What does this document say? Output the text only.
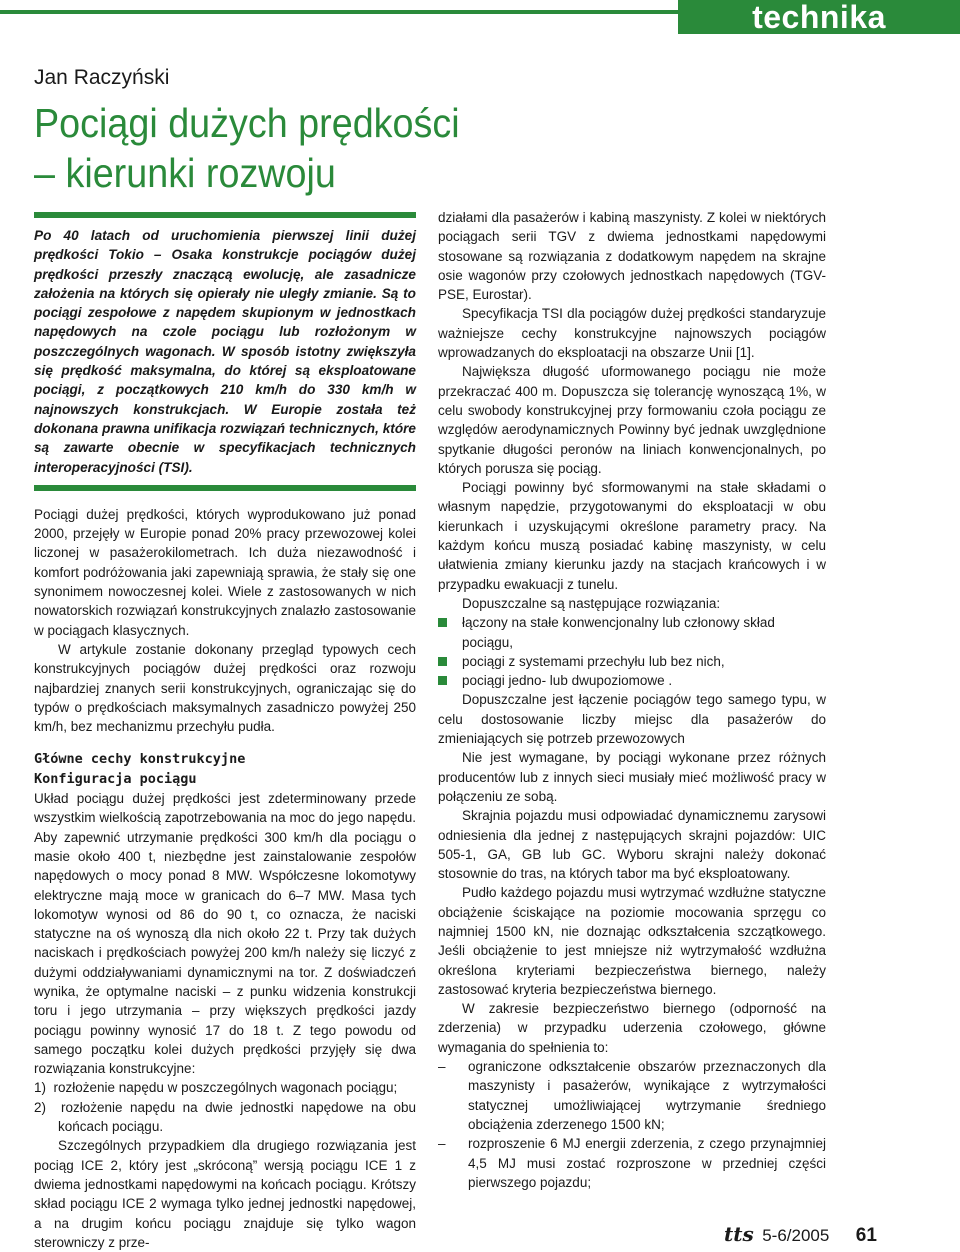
technika
Jan Raczyński
Pociągi dużych prędkości
– kierunki rozwoju

Po 40 latach od uruchomienia pierwszej linii dużej prędkości Tokio – Osaka konstrukcje pociągów dużej prędkości przeszły znaczącą ewolucję, ale zasadnicze założenia na których się opierały nie uległy zmianie. Są to pociągi zespołowe z napędem skupionym w jednostkach napędowych na czole pociągu lub rozłożonym w poszczególnych wagonach. W sposób istotny zwiększyła się prędkość maksymalna, do której są eksploatowane pociągi, z początkowych 210 km/h do 330 km/h w najnowszych konstrukcjach. W Europie została też dokonana prawna unifikacja rozwiązań technicznych, które są zawarte obecnie w specyfikacjach technicznych interoperacyjności (TSI).

Pociągi dużej prędkości, których wyprodukowano już ponad 2000, przejęły w Europie ponad 20% pracy przewozowej kolei liczonej w pasażerokilometrach. Ich duża niezawodność i komfort podróżowania jaki zapewniają sprawia, że stały się one synonimem nowoczesnej kolei. Wiele z zastosowanych w nich nowatorskich rozwiązań konstrukcyjnych znalazło zastosowanie w pociągach klasycznych.

W artykule zostanie dokonany przegląd typowych cech konstrukcyjnych pociągów dużej prędkości oraz rozwoju najbardziej znanych serii konstrukcyjnych, ograniczając się do typów o prędkościach maksymalnych zasadniczo powyżej 250 km/h, bez mechanizmu przechyłu pudła.

Główne cechy konstrukcyjne

Konfiguracja pociągu

Układ pociągu dużej prędkości jest zdeterminowany przede wszystkim wielkością zapotrzebowania na moc do jego napędu. Aby zapewnić utrzymanie prędkości 300 km/h dla pociągu o masie około 400 t, niezbędne jest zainstalowanie zespołów napędowych o mocy ponad 8 MW. Współczesne lokomotywy elektryczne mają moce w granicach do 6–7 MW. Masa tych lokomotyw wynosi od 86 do 90 t, co oznacza, że naciski statyczne na oś wynoszą dla nich około 22 t. Przy tak dużych naciskach i prędkościach powyżej 200 km/h należy się liczyć z dużymi oddziaływaniami dynamicznymi na tor. Z doświadczeń wynika, że optymalne naciski – z punku widzenia konstrukcji toru i jego utrzymania – przy większych prędkości jazdy pociągu powinny wynosić 17 do 18 t. Z tego powodu od samego początku kolei dużych prędkości przyjęły się dwa rozwiązania konstrukcyjne:

1)  rozłożenie napędu w poszczególnych wagonach pociągu;
2)  rozłożenie napędu na dwie jednostki napędowe na obu końcach pociągu.

Szczególnych przypadkiem dla drugiego rozwiązania jest pociąg ICE 2, który jest „skróconą” wersją pociągu ICE 1 z dwiema jednostkami napędowymi na końcach pociągu. Krótszy skład pociągu ICE 2 wymaga tylko jednej jednostki napędowej, a na drugim końcu pociągu znajduje się tylko wagon sterowniczy z prze-

działami dla pasażerów i kabiną maszynisty. Z kolei w niektórych pociągach serii TGV z dwiema jednostkami napędowymi stosowane są rozwiązania z dodatkowym napędem na skrajne osie wagonów przy czołowych jednostkach napędowych (TGV-PSE, Eurostar).

Specyfikacja TSI dla pociągów dużej prędkości standaryzuje ważniejsze cechy konstrukcyjne najnowszych pociągów wprowadzanych do eksploatacji na obszarze Unii [1].

Największa długość uformowanego pociągu nie może przekraczać 400 m. Dopuszcza się tolerancję wynoszącą 1%, w celu swobody konstrukcyjnej przy formowaniu czoła pociągu ze względów aerodynamicznych Powinny być jednak uwzględnione spytkanie długości peronów na liniach konwencjonalnych, po których porusza się pociąg.

Pociągi powinny być sformowanymi na stałe składami o własnym napędzie, przygotowanymi do eksploatacji w obu kierunkach i uzyskującymi określone parametry pracy. Na każdym końcu muszą posiadać kabinę maszynisty, w celu ułatwienia zmiany kierunku jazdy na stacjach krańcowych i w przypadku ewakuacji z tunelu.

Dopuszczalne są następujące rozwiązania:

łączony na stałe konwencjonalny lub członowy skład pociągu,
pociągi z systemami przechyłu lub bez nich,
pociągi jedno- lub dwupoziomowe .

Dopuszczalne jest łączenie pociągów tego samego typu, w celu dostosowanie liczby miejsc dla pasażerów do zmieniających się potrzeb przewozowych

Nie jest wymagane, by pociągi wykonane przez różnych producentów lub z innych sieci musiały mieć możliwość pracy w połączeniu ze sobą.

Skrajnia pojazdu musi odpowiadać dynamicznemu zarysowi odniesienia dla jednej z następujących skrajni pojazdów: UIC 505-1, GA, GB lub GC. Wyboru skrajni należy dokonać stosownie do tras, na których tabor ma być eksploatowany.

Pudło każdego pojazdu musi wytrzymać wzdłużne statyczne obciążenie ściskające na poziomie mocowania sprzęgu co najmniej 1500 kN, nie doznając odkształcenia szczątkowego. Jeśli obciążenie to jest mniejsze niż wytrzymałość wzdłużna określona kryteriami bezpieczeństwa biernego, należy zastosować kryteria bezpieczeństwa biernego.

W zakresie bezpieczeństwo biernego (odporność na zderzenia) w przypadku uderzenia czołowego, główne wymagania do spełnienia to:

– ograniczone odkształcenie obszarów przeznaczonych dla maszynisty i pasażerów, wynikające z wytrzymałości statycznej umożliwiającej wytrzymanie średniego obciążenia zderzenego 1500 kN;
– rozproszenie 6 MJ energii zderzenia, z czego przynajmniej 4,5 MJ musi zostać rozproszone w przedniej części pierwszego pojazdu;
tts 5-6/2005 61
